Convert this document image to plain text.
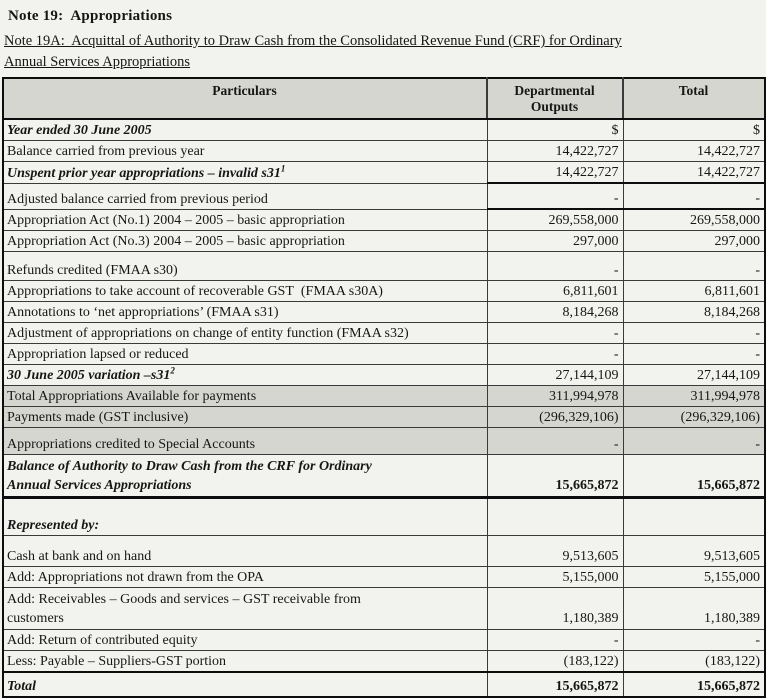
Note 19:  Appropriations
Note 19A:  Acquittal of Authority to Draw Cash from the Consolidated Revenue Fund (CRF) for Ordinary
Annual Services Appropriations
Particulars	Departmental Outputs	Total
Year ended 30 June 2005	$	$
Balance carried from previous year	14,422,727	14,422,727
Unspent prior year appropriations – invalid $s31^1$	14,422,727	14,422,727
Adjusted balance carried from previous period	-	-
Appropriation Act (No.1) 2004 – 2005 – basic appropriation	269,558,000	269,558,000
Appropriation Act (No.3) 2004 – 2005 – basic appropriation	297,000	297,000
Refunds credited (FMAA s30)	-	-
Appropriations to take account of recoverable GST  (FMAA s30A)	6,811,601	6,811,601
Annotations to ‘net appropriations’ (FMAA s31)	8,184,268	8,184,268
Adjustment of appropriations on change of entity function (FMAA s32)	-	-
Appropriation lapsed or reduced	-	-
30 June 2005 variation $-s31^2$	27,144,109	27,144,109
Total Appropriations Available for payments	311,994,978	311,994,978
Payments made (GST inclusive)	(296,329,106)	(296,329,106)
Appropriations credited to Special Accounts	-	-
Balance of Authority to Draw Cash from the CRF for Ordinary
Annual Services Appropriations	15,665,872	15,665,872

Represented by:		

Cash at bank and on hand	9,513,605	9,513,605
Add: Appropriations not drawn from the OPA	5,155,000	5,155,000
Add: Receivables – Goods and services – GST receivable from
customers	1,180,389	1,180,389
Add: Return of contributed equity	-	-
Less: Payable – Suppliers-GST portion	(183,122)	(183,122)
Total	15,665,872	15,665,872
